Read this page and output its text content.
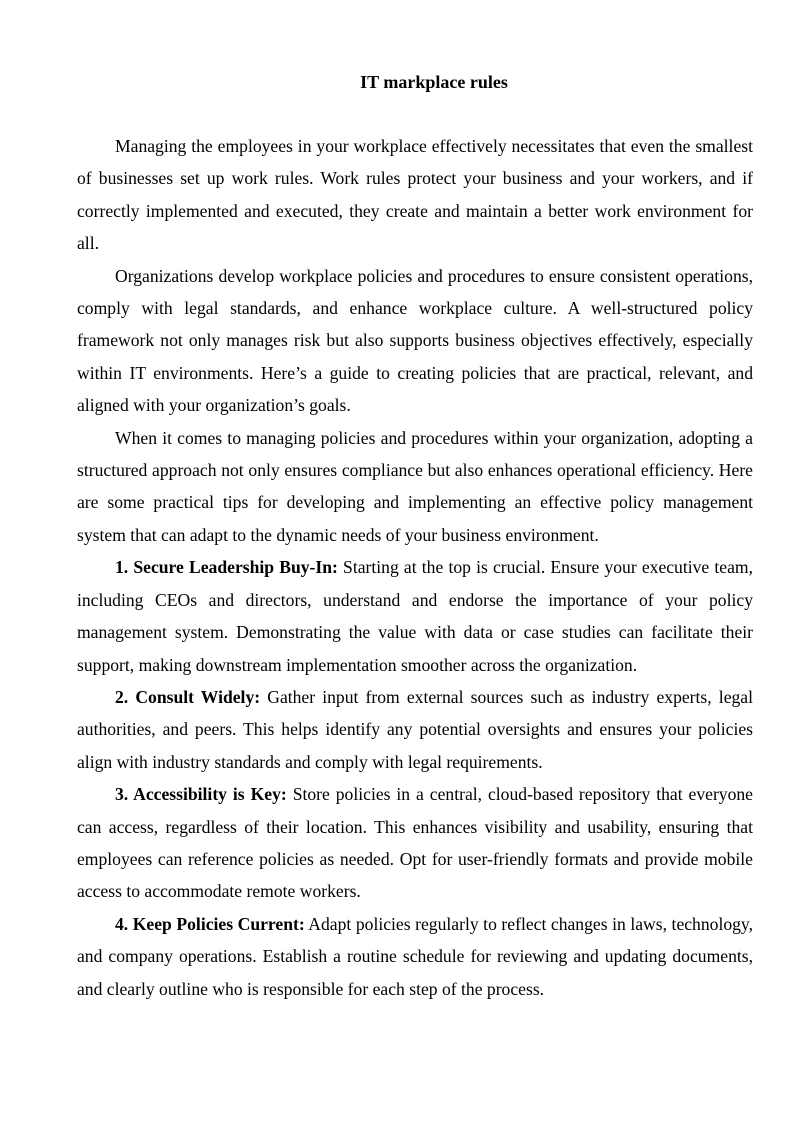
IT markplace rules

Managing the employees in your workplace effectively necessitates that even the smallest of businesses set up work rules. Work rules protect your business and your workers, and if correctly implemented and executed, they create and maintain a better work environment for all.

Organizations develop workplace policies and procedures to ensure consistent operations, comply with legal standards, and enhance workplace culture. A well-structured policy framework not only manages risk but also supports business objectives effectively, especially within IT environments. Here’s a guide to creating policies that are practical, relevant, and aligned with your organization’s goals.

When it comes to managing policies and procedures within your organization, adopting a structured approach not only ensures compliance but also enhances operational efficiency. Here are some practical tips for developing and implementing an effective policy management system that can adapt to the dynamic needs of your business environment.

1. Secure Leadership Buy-In: Starting at the top is crucial. Ensure your executive team, including CEOs and directors, understand and endorse the importance of your policy management system. Demonstrating the value with data or case studies can facilitate their support, making downstream implementation smoother across the organization.

2. Consult Widely: Gather input from external sources such as industry experts, legal authorities, and peers. This helps identify any potential oversights and ensures your policies align with industry standards and comply with legal requirements.

3. Accessibility is Key: Store policies in a central, cloud-based repository that everyone can access, regardless of their location. This enhances visibility and usability, ensuring that employees can reference policies as needed. Opt for user-friendly formats and provide mobile access to accommodate remote workers.

4. Keep Policies Current: Adapt policies regularly to reflect changes in laws, technology, and company operations. Establish a routine schedule for reviewing and updating documents, and clearly outline who is responsible for each step of the process.
